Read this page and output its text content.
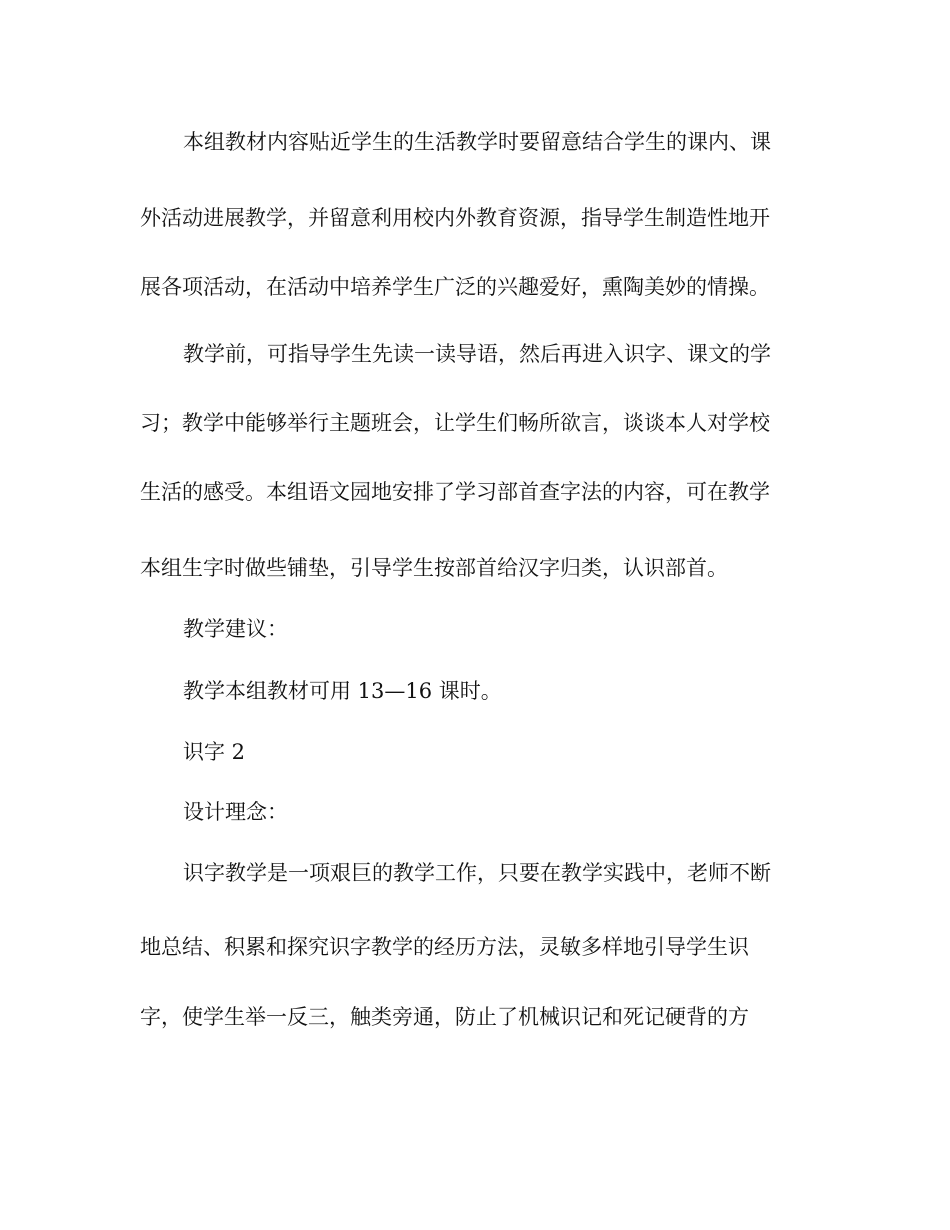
本组教材内容贴近学生的生活教学时要留意结合学生的课内、课
外活动进展教学，并留意利用校内外教育资源，指导学生制造性地开
展各项活动，在活动中培养学生广泛的兴趣爱好，熏陶美妙的情操。
教学前，可指导学生先读一读导语，然后再进入识字、课文的学
习；教学中能够举行主题班会，让学生们畅所欲言，谈谈本人对学校
生活的感受。本组语文园地安排了学习部首查字法的内容，可在教学
本组生字时做些铺垫，引导学生按部首给汉字归类，认识部首。
教学建议：
教学本组教材可用 13—16 课时。
识字 2
设计理念：
识字教学是一项艰巨的教学工作，只要在教学实践中，老师不断
地总结、积累和探究识字教学的经历方法，灵敏多样地引导学生识
字，使学生举一反三，触类旁通，防止了机械识记和死记硬背的方
